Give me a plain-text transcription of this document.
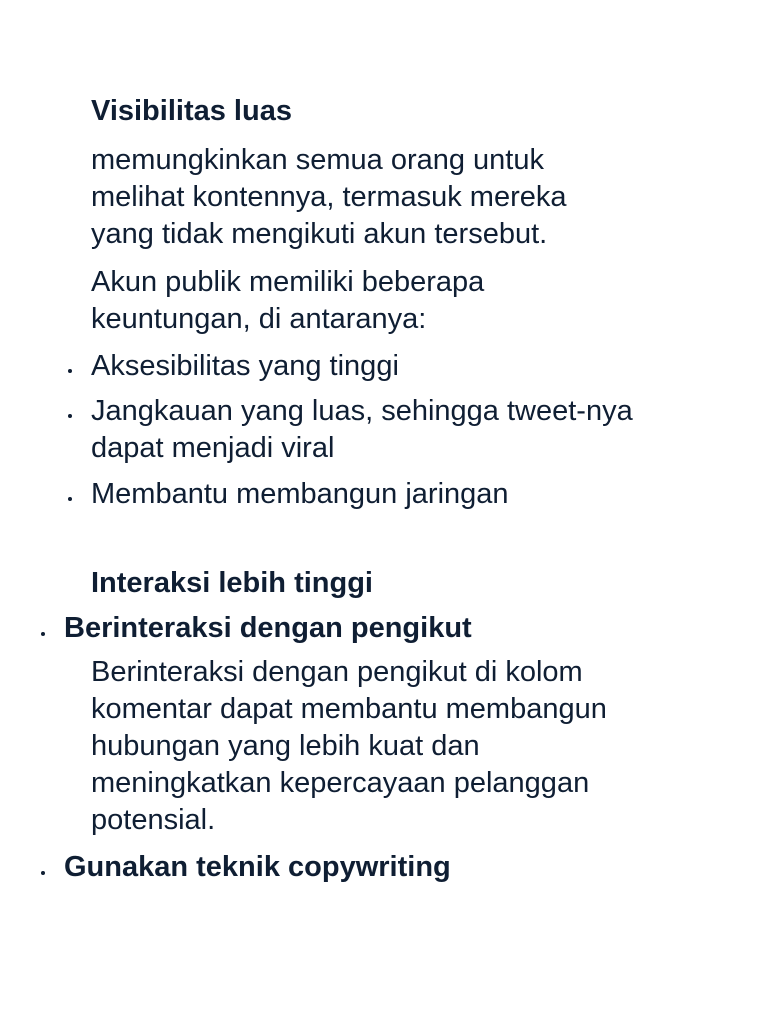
Visibilitas luas
memungkinkan semua orang untuk
melihat kontennya, termasuk mereka
yang tidak mengikuti akun tersebut.
Akun publik memiliki beberapa
keuntungan, di antaranya:
Aksesibilitas yang tinggi
Jangkauan yang luas, sehingga tweet-nya
dapat menjadi viral
Membantu membangun jaringan
Interaksi lebih tinggi
Berinteraksi dengan pengikut
Berinteraksi dengan pengikut di kolom
komentar dapat membantu membangun
hubungan yang lebih kuat dan
meningkatkan kepercayaan pelanggan
potensial.
Gunakan teknik copywriting
